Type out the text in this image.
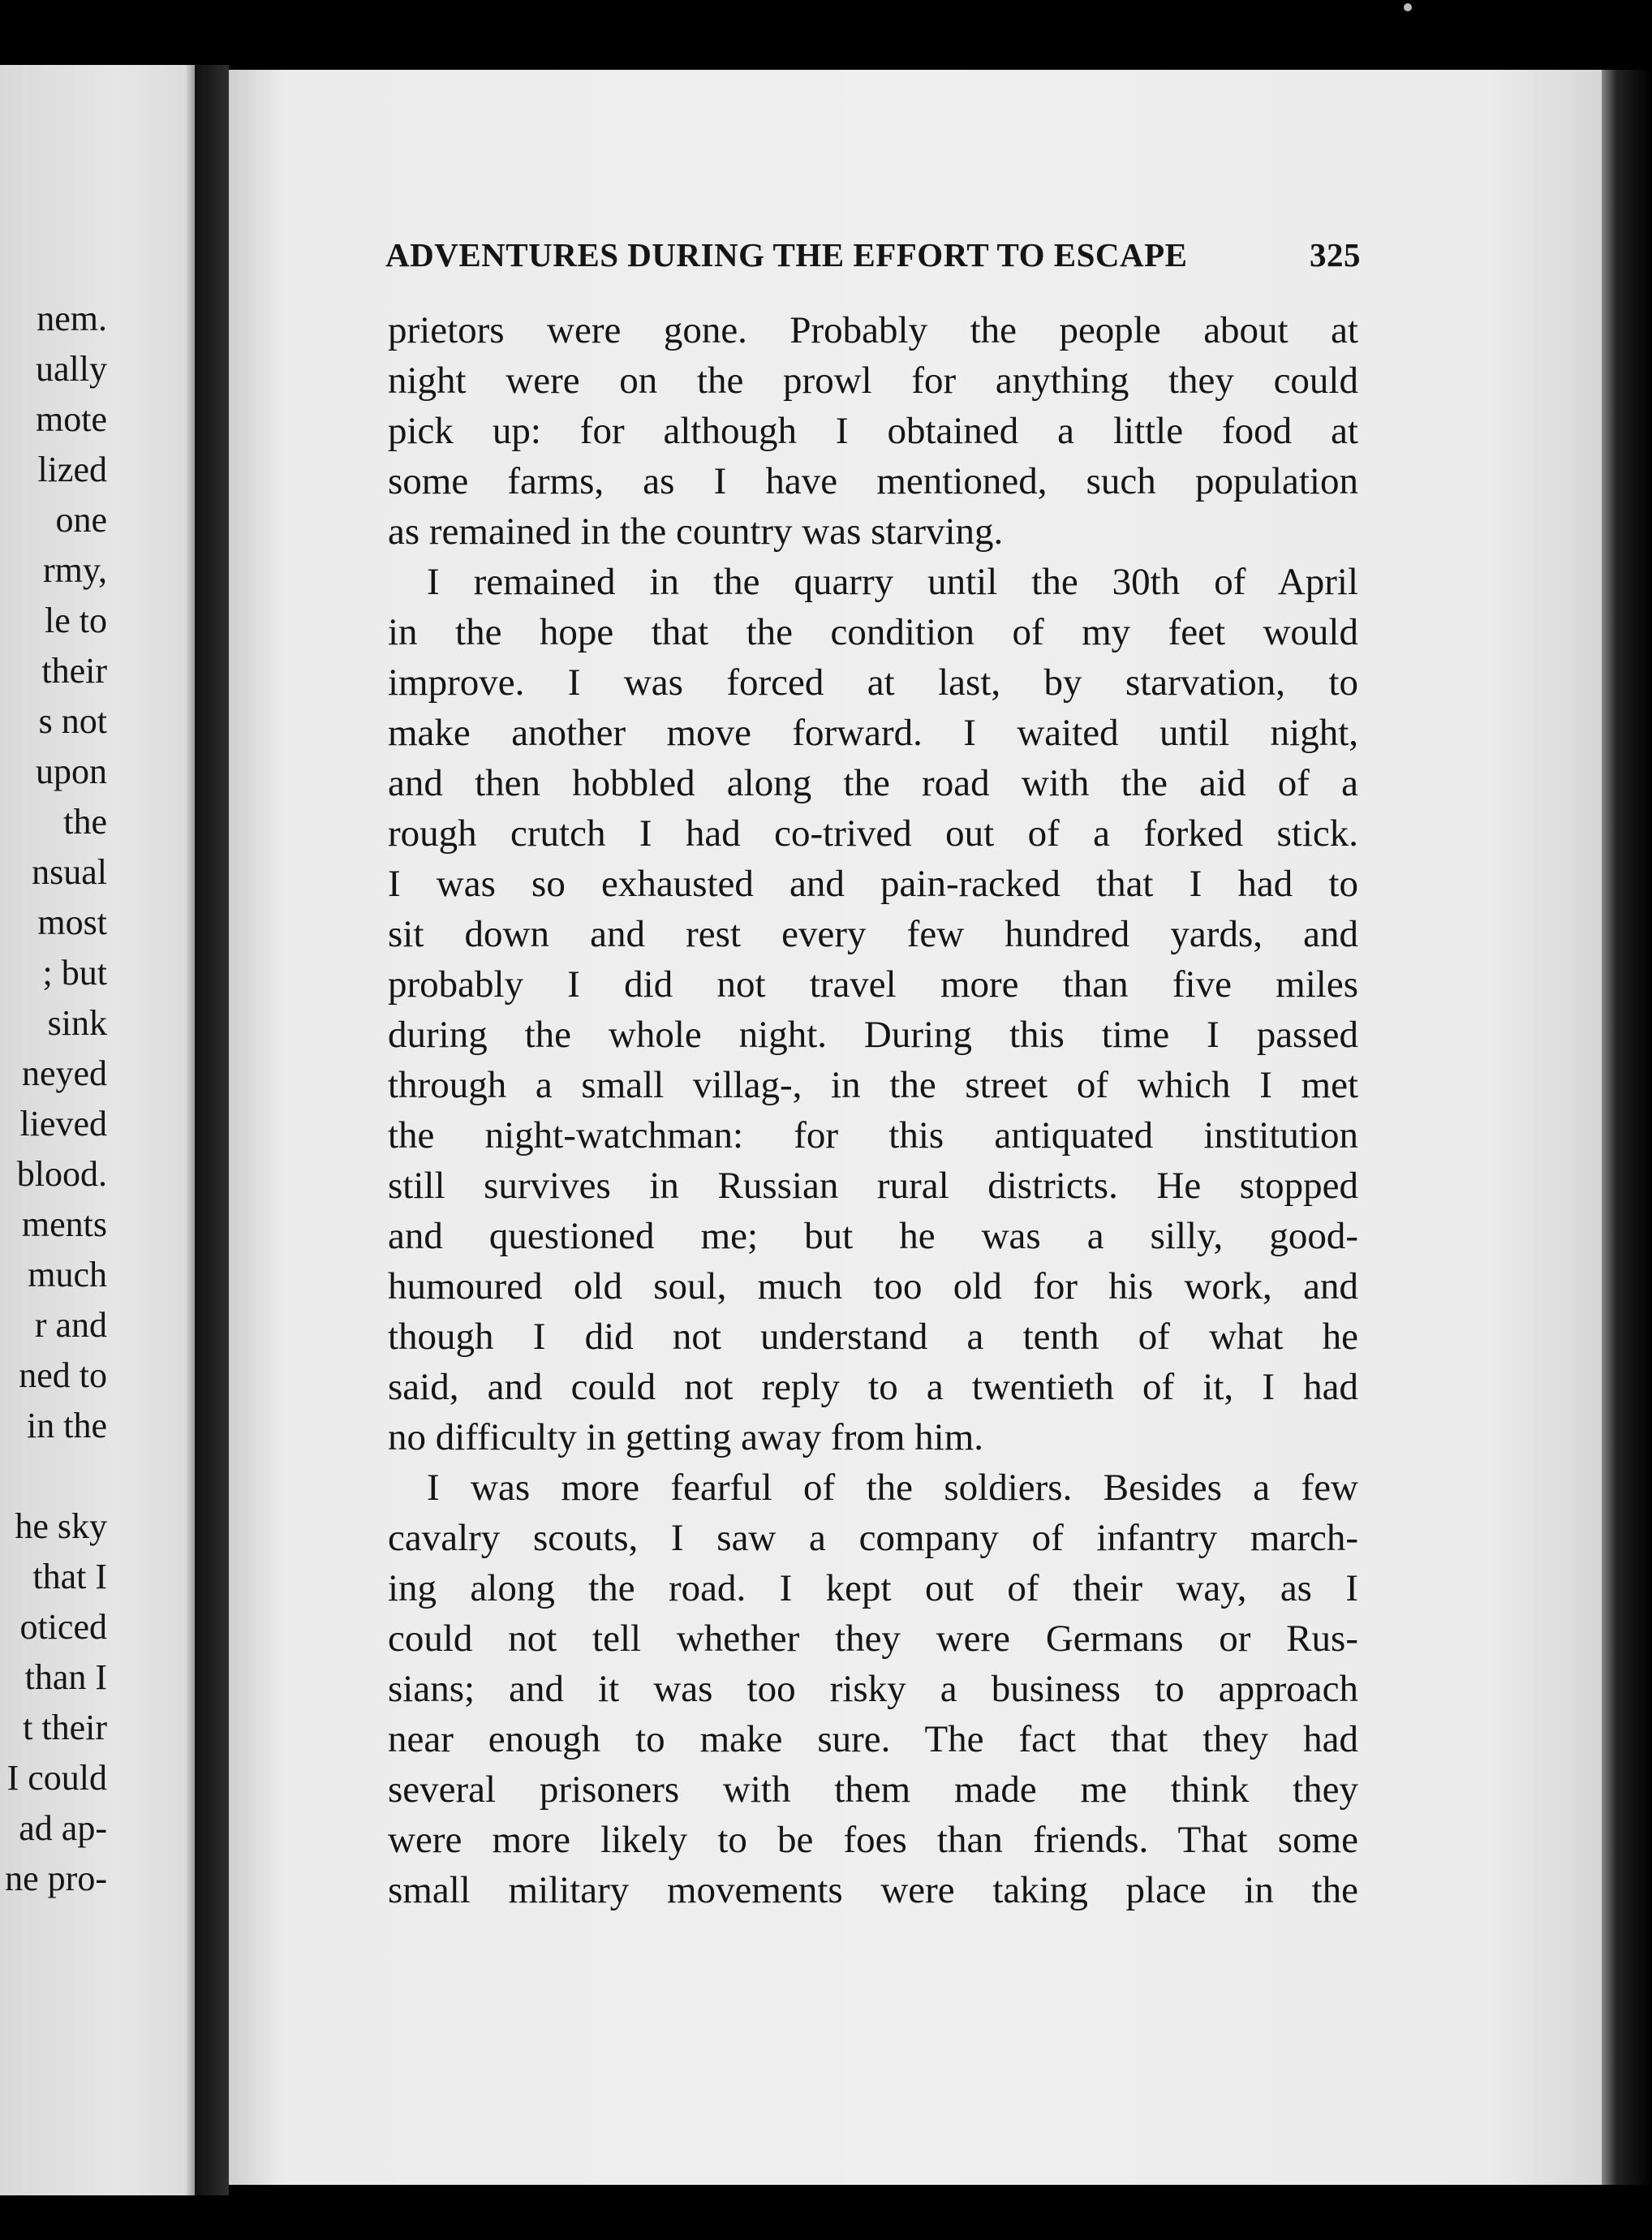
nem.
ually
mote
lized
one
rmy,
le to
their
s not
upon
the
nsual
most
; but
sink
neyed
lieved
blood.
ments
much
r and
ned to
in the
he sky
that I
oticed
than I
t their
I could
ad ap-
ne pro-
ADVENTURES DURING THE EFFORT TO ESCAPE	325
prietors were gone. Probably the people about at
night were on the prowl for anything they could
pick up: for although I obtained a little food at
some farms, as I have mentioned, such population
as remained in the country was starving.
I remained in the quarry until the 30th of April
in the hope that the condition of my feet would
improve. I was forced at last, by starvation, to
make another move forward. I waited until night,
and then hobbled along the road with the aid of a
rough crutch I had co-trived out of a forked stick.
I was so exhausted and pain-racked that I had to
sit down and rest every few hundred yards, and
probably I did not travel more than five miles
during the whole night. During this time I passed
through a small villag-, in the street of which I met
the night-watchman: for this antiquated institution
still survives in Russian rural districts. He stopped
and questioned me; but he was a silly, good-
humoured old soul, much too old for his work, and
though I did not understand a tenth of what he
said, and could not reply to a twentieth of it, I had
no difficulty in getting away from him.
I was more fearful of the soldiers. Besides a few
cavalry scouts, I saw a company of infantry march-
ing along the road. I kept out of their way, as I
could not tell whether they were Germans or Rus-
sians; and it was too risky a business to approach
near enough to make sure. The fact that they had
several prisoners with them made me think they
were more likely to be foes than friends. That some
small military movements were taking place in the
